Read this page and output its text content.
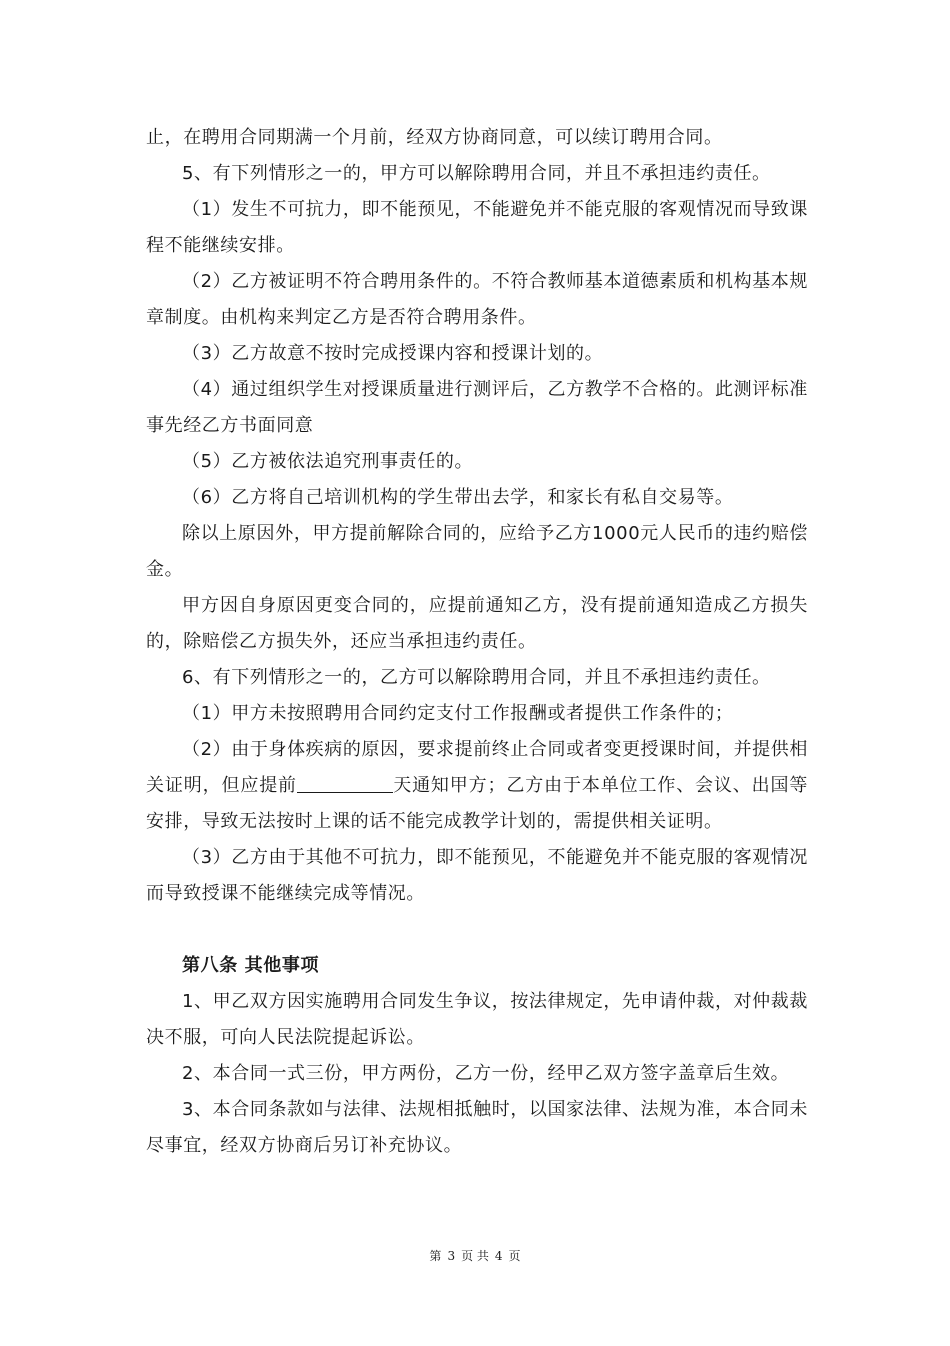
止，在聘用合同期满一个月前，经双方协商同意，可以续订聘用合同。

5、有下列情形之一的，甲方可以解除聘用合同，并且不承担违约责任。

（1）发生不可抗力，即不能预见，不能避免并不能克服的客观情况而导致课程不能继续安排。

（2）乙方被证明不符合聘用条件的。不符合教师基本道德素质和机构基本规章制度。由机构来判定乙方是否符合聘用条件。

（3）乙方故意不按时完成授课内容和授课计划的。

（4）通过组织学生对授课质量进行测评后，乙方教学不合格的。此测评标准事先经乙方书面同意

（5）乙方被依法追究刑事责任的。

（6）乙方将自己培训机构的学生带出去学，和家长有私自交易等。

除以上原因外，甲方提前解除合同的，应给予乙方1000元人民币的违约赔偿金。

甲方因自身原因更变合同的，应提前通知乙方，没有提前通知造成乙方损失的，除赔偿乙方损失外，还应当承担违约责任。

6、有下列情形之一的，乙方可以解除聘用合同，并且不承担违约责任。

（1）甲方未按照聘用合同约定支付工作报酬或者提供工作条件的；

（2）由于身体疾病的原因，要求提前终止合同或者变更授课时间，并提供相关证明，但应提前	天通知甲方；乙方由于本单位工作、会议、出国等安排，导致无法按时上课的话不能完成教学计划的，需提供相关证明。

（3）乙方由于其他不可抗力，即不能预见，不能避免并不能克服的客观情况而导致授课不能继续完成等情况。

第八条 其他事项

1、甲乙双方因实施聘用合同发生争议，按法律规定，先申请仲裁，对仲裁裁决不服，可向人民法院提起诉讼。

2、本合同一式三份，甲方两份，乙方一份，经甲乙双方签字盖章后生效。

3、本合同条款如与法律、法规相抵触时，以国家法律、法规为准，本合同未尽事宜，经双方协商后另订补充协议。

第 3 页 共 4 页
